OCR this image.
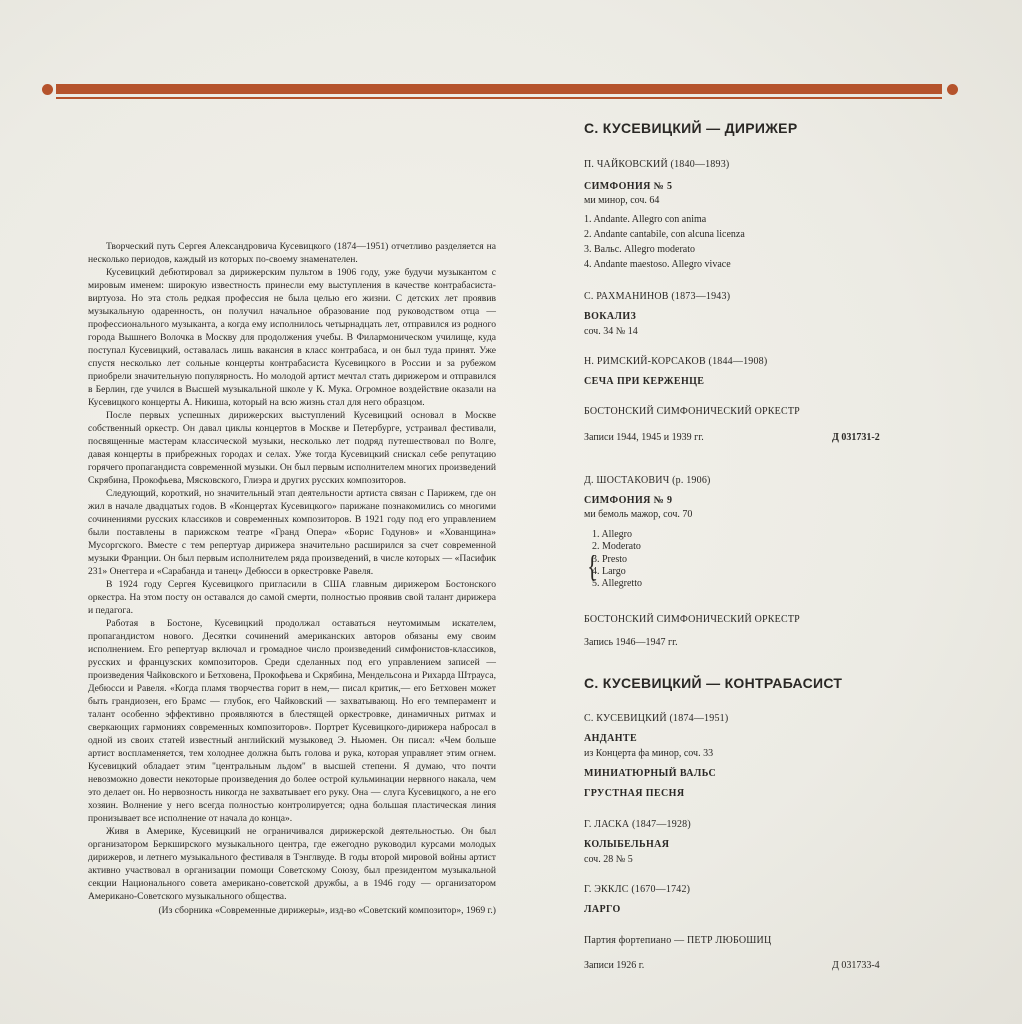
Творческий путь Сергея Александровича Кусевицкого (1874—1951) отчетливо разделяется на несколько периодов, каждый из которых по-своему знаменателен.

Кусевицкий дебютировал за дирижерским пультом в 1906 году, уже будучи музыкантом с мировым именем: широкую известность принесли ему выступления в качестве контрабасиста-виртуоза. Но эта столь редкая профессия не была целью его жизни. С детских лет проявив музыкальную одаренность, он получил начальное образование под руководством отца — профессионального музыканта, а когда ему исполнилось четырнадцать лет, отправился из родного города Вышнего Волочка в Москву для продолжения учебы. В Филармоническом училище, куда поступал Кусевицкий, оставалась лишь вакансия в класс контрабаса, и он был туда принят. Уже спустя несколько лет сольные концерты контрабасиста Кусевицкого в России и за рубежом приобрели значительную популярность. Но молодой артист мечтал стать дирижером и отправился в Берлин, где учился в Высшей музыкальной школе у К. Мука. Огромное воздействие оказали на Кусевицкого концерты А. Никиша, который на всю жизнь стал для него образцом.

После первых успешных дирижерских выступлений Кусевицкий основал в Москве собственный оркестр. Он давал циклы концертов в Москве и Петербурге, устраивал фестивали, посвященные мастерам классической музыки, несколько лет подряд путешествовал по Волге, давая концерты в прибрежных городах и селах. Уже тогда Кусевицкий снискал себе репутацию горячего пропагандиста современной музыки. Он был первым исполнителем многих произведений Скрябина, Прокофьева, Мясковского, Глиэра и других русских композиторов.

Следующий, короткий, но значительный этап деятельности артиста связан с Парижем, где он жил в начале двадцатых годов. В «Концертах Кусевицкого» парижане познакомились со многими сочинениями русских классиков и современных композиторов. В 1921 году под его управлением были поставлены в парижском театре «Гранд Опера» «Борис Годунов» и «Хованщина» Мусоргского. Вместе с тем репертуар дирижера значительно расширился за счет современной музыки Франции. Он был первым исполнителем ряда произведений, в числе которых — «Пасифик 231» Онеггера и «Сарабанда и танец» Дебюсси в оркестровке Равеля.

В 1924 году Сергея Кусевицкого пригласили в США главным дирижером Бостонского оркестра. На этом посту он оставался до самой смерти, полностью проявив свой талант дирижера и педагога.

Работая в Бостоне, Кусевицкий продолжал оставаться неутомимым искателем, пропагандистом нового. Десятки сочинений американских авторов обязаны ему своим исполнением. Его репертуар включал и громадное число произведений симфонистов-классиков, русских и французских композиторов. Среди сделанных под его управлением записей — произведения Чайковского и Бетховена, Прокофьева и Скрябина, Мендельсона и Рихарда Штрауса, Дебюсси и Равеля. «Когда пламя творчества горит в нем,— писал критик,— его Бетховен может быть грандиозен, его Брамс — глубок, его Чайковский — захватывающ. Но его темперамент и талант особенно эффективно проявляются в блестящей оркестровке, динамичных ритмах и сверкающих гармониях современных композиторов». Портрет Кусевицкого-дирижера набросал в одной из своих статей известный английский музыковед Э. Ньюмен. Он писал: «Чем больше артист воспламеняется, тем холоднее должна быть голова и рука, которая управляет этим огнем. Кусевицкий обладает этим "центральным льдом" в высшей степени. Я думаю, что почти невозможно довести некоторые произведения до более острой кульминации нервного накала, чем это делает он. Но нервозность никогда не захватывает его руку. Она — слуга Кусевицкого, а не его хозяин. Волнение у него всегда полностью контролируется; одна большая пластическая линия пронизывает все исполнение от начала до конца».

Живя в Америке, Кусевицкий не ограничивался дирижерской деятельностью. Он был организатором Беркширского музыкального центра, где ежегодно руководил курсами молодых дирижеров, и летнего музыкального фестиваля в Тэнглвуде. В годы второй мировой войны артист активно участвовал в организации помощи Советскому Союзу, был президентом музыкальной секции Национального совета американо-советской дружбы, а в 1946 году — организатором Американо-Советского музыкального общества.

(Из сборника «Современные дирижеры», изд-во «Советский композитор», 1969 г.)

С. КУСЕВИЦКИЙ — ДИРИЖЕР
П. ЧАЙКОВСКИЙ (1840—1893)
СИМФОНИЯ № 5
ми минор, соч. 64
1. Andante. Allegro con anima
2. Andante cantabile, con alcuna licenza
3. Вальс. Allegro moderato
4. Andante maestoso. Allegro vivace
С. РАХМАНИНОВ (1873—1943)
ВОКАЛИЗ
соч. 34 № 14
Н. РИМСКИЙ-КОРСАКОВ (1844—1908)
СЕЧА ПРИ КЕРЖЕНЦЕ
БОСТОНСКИЙ СИМФОНИЧЕСКИЙ ОРКЕСТР
Записи 1944, 1945 и 1939 гг.	Д 031731-2
Д. ШОСТАКОВИЧ (р. 1906)
СИМФОНИЯ № 9
ми бемоль мажор, соч. 70
1. Allegro
2. Moderato
{
3. Presto
4. Largo
5. Allegretto
БОСТОНСКИЙ СИМФОНИЧЕСКИЙ ОРКЕСТР
Запись 1946—1947 гг.
С. КУСЕВИЦКИЙ — КОНТРАБАСИСТ
С. КУСЕВИЦКИЙ (1874—1951)
АНДАНТЕ
из Концерта фа минор, соч. 33
МИНИАТЮРНЫЙ ВАЛЬС
ГРУСТНАЯ ПЕСНЯ
Г. ЛАСКА (1847—1928)
КОЛЫБЕЛЬНАЯ
соч. 28 № 5
Г. ЭККЛС (1670—1742)
ЛАРГО
Партия фортепиано — ПЕТР ЛЮБОШИЦ
Записи 1926 г.	Д 031733-4
